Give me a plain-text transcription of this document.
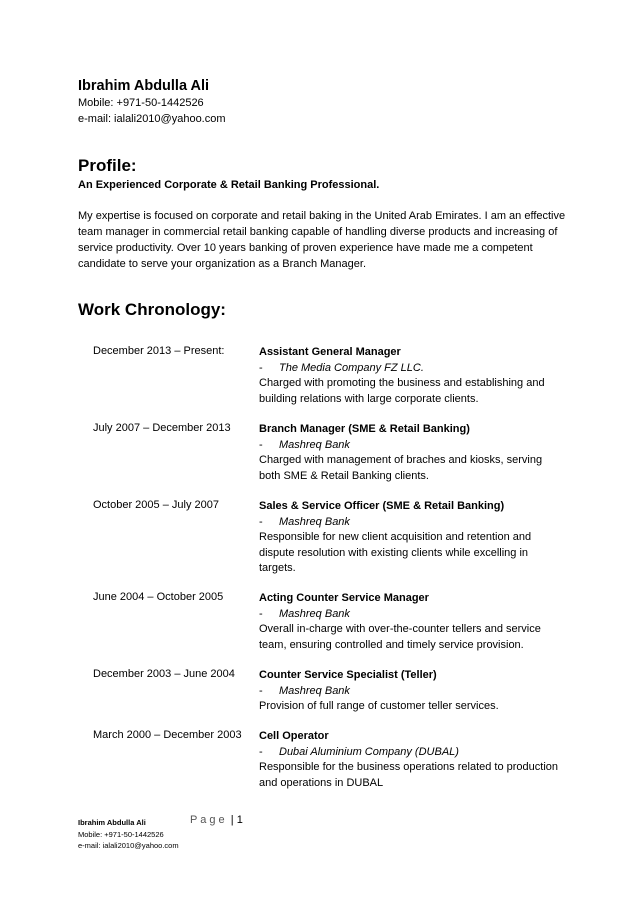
Ibrahim Abdulla Ali
Mobile: +971-50-1442526
e-mail: ialali2010@yahoo.com
Profile:
An Experienced Corporate & Retail Banking Professional.
My expertise is focused on corporate and retail baking in the United Arab Emirates. I am an effective team manager in commercial retail banking capable of handling diverse products and increasing of service productivity. Over 10 years banking of proven experience have made me a competent candidate to serve your organization as a Branch Manager.
Work Chronology:
December 2013 – Present:	Assistant General Manager
- The Media Company FZ LLC.
Charged with promoting the business and establishing and building relations with large corporate clients.
July 2007 – December 2013	Branch Manager (SME & Retail Banking)
- Mashreq Bank
Charged with management of braches and kiosks, serving both SME & Retail Banking clients.
October 2005 – July 2007	Sales & Service Officer (SME & Retail Banking)
- Mashreq Bank
Responsible for new client acquisition and retention and dispute resolution with existing clients while excelling in targets.
June 2004 – October 2005	Acting Counter Service Manager
- Mashreq Bank
Overall in-charge with over-the-counter tellers and service team, ensuring controlled and timely service provision.
December 2003 – June 2004 Counter Service Specialist (Teller)
- Mashreq Bank
Provision of full range of customer teller services.
March 2000 – December 2003 Cell Operator
- Dubai Aluminium Company (DUBAL)
Responsible for the business operations related to production and operations in DUBAL
Ibrahim Abdulla Ali
Mobile: +971-50-1442526
e-mail: ialali2010@yahoo.com
P a g e | 1
